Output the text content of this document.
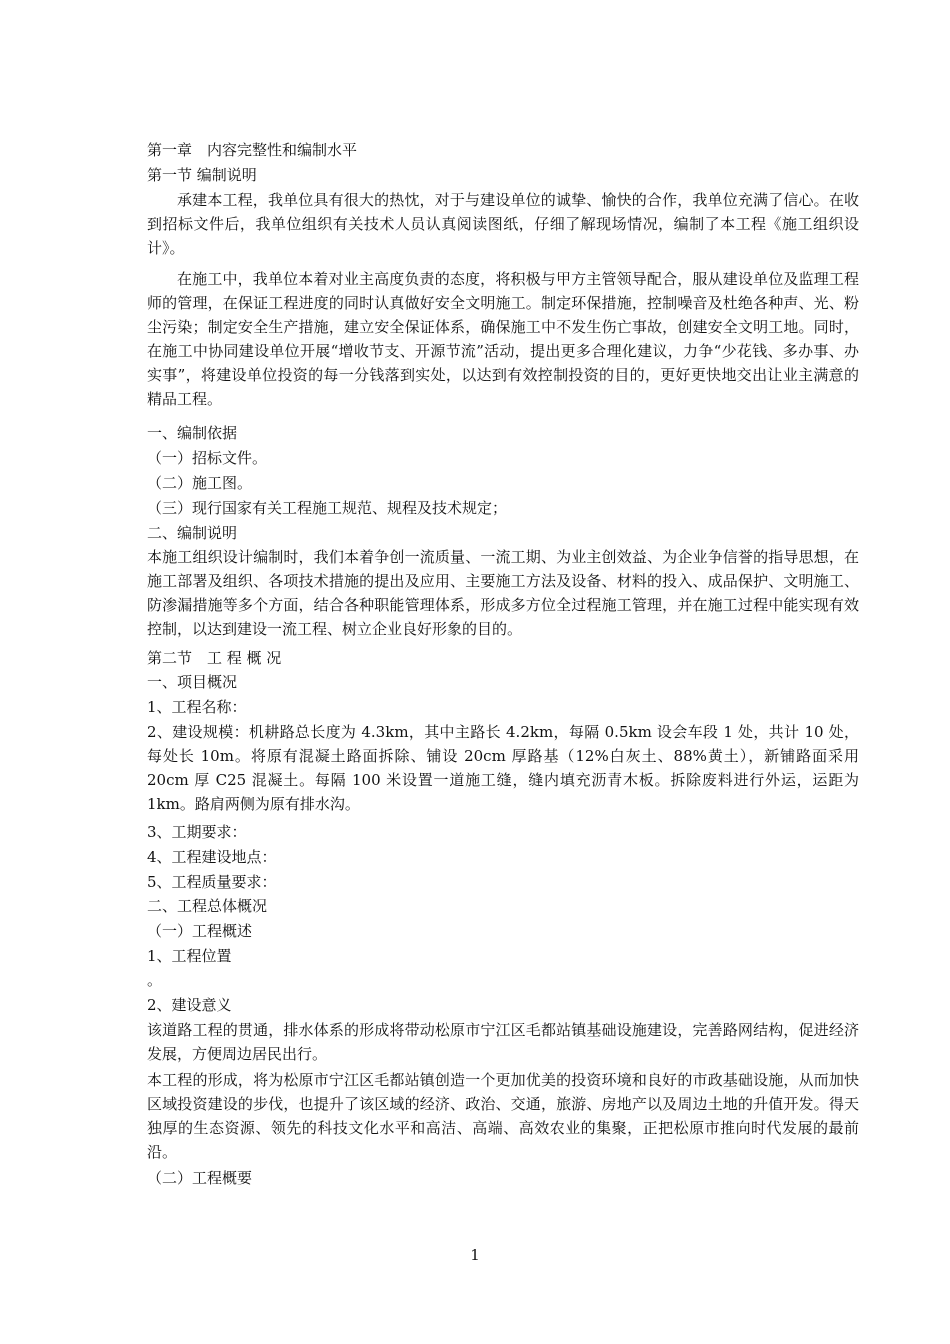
第一章　内容完整性和编制水平
第一节 编制说明
承建本工程，我单位具有很大的热忱，对于与建设单位的诚挚、愉快的合作，我单位充满了信心。在收到招标文件后，我单位组织有关技术人员认真阅读图纸，仔细了解现场情况，编制了本工程《施工组织设计》。
在施工中，我单位本着对业主高度负责的态度，将积极与甲方主管领导配合，服从建设单位及监理工程师的管理，在保证工程进度的同时认真做好安全文明施工。制定环保措施，控制噪音及杜绝各种声、光、粉尘污染；制定安全生产措施，建立安全保证体系，确保施工中不发生伤亡事故，创建安全文明工地。同时，在施工中协同建设单位开展“增收节支、开源节流”活动，提出更多合理化建议，力争“少花钱、多办事、办实事”，将建设单位投资的每一分钱落到实处，以达到有效控制投资的目的，更好更快地交出让业主满意的精品工程。
一、编制依据
（一）招标文件。
（二）施工图。
（三）现行国家有关工程施工规范、规程及技术规定；
二、编制说明
本施工组织设计编制时，我们本着争创一流质量、一流工期、为业主创效益、为企业争信誉的指导思想，在施工部署及组织、各项技术措施的提出及应用、主要施工方法及设备、材料的投入、成品保护、文明施工、防渗漏措施等多个方面，结合各种职能管理体系，形成多方位全过程施工管理，并在施工过程中能实现有效控制，以达到建设一流工程、树立企业良好形象的目的。
第二节　工 程 概 况
一、项目概况
1、工程名称：
2、建设规模：机耕路总长度为 4.3km，其中主路长 4.2km，每隔 0.5km 设会车段 1 处，共计 10 处，每处长 10m。将原有混凝土路面拆除、铺设 20cm 厚路基（12%白灰土、88%黄土），新铺路面采用 20cm 厚 C25 混凝土。每隔 100 米设置一道施工缝，缝内填充沥青木板。拆除废料进行外运，运距为 1km。路肩两侧为原有排水沟。
3、工期要求：
4、工程建设地点：
5、工程质量要求：
二、工程总体概况
（一）工程概述
1、工程位置
。
2、建设意义
该道路工程的贯通，排水体系的形成将带动松原市宁江区毛都站镇基础设施建设，完善路网结构，促进经济发展，方便周边居民出行。
本工程的形成，将为松原市宁江区毛都站镇创造一个更加优美的投资环境和良好的市政基础设施，从而加快区域投资建设的步伐，也提升了该区域的经济、政治、交通，旅游、房地产以及周边土地的升值开发。得天独厚的生态资源、领先的科技文化水平和高洁、高端、高效农业的集聚，正把松原市推向时代发展的最前沿。
（二）工程概要
1
